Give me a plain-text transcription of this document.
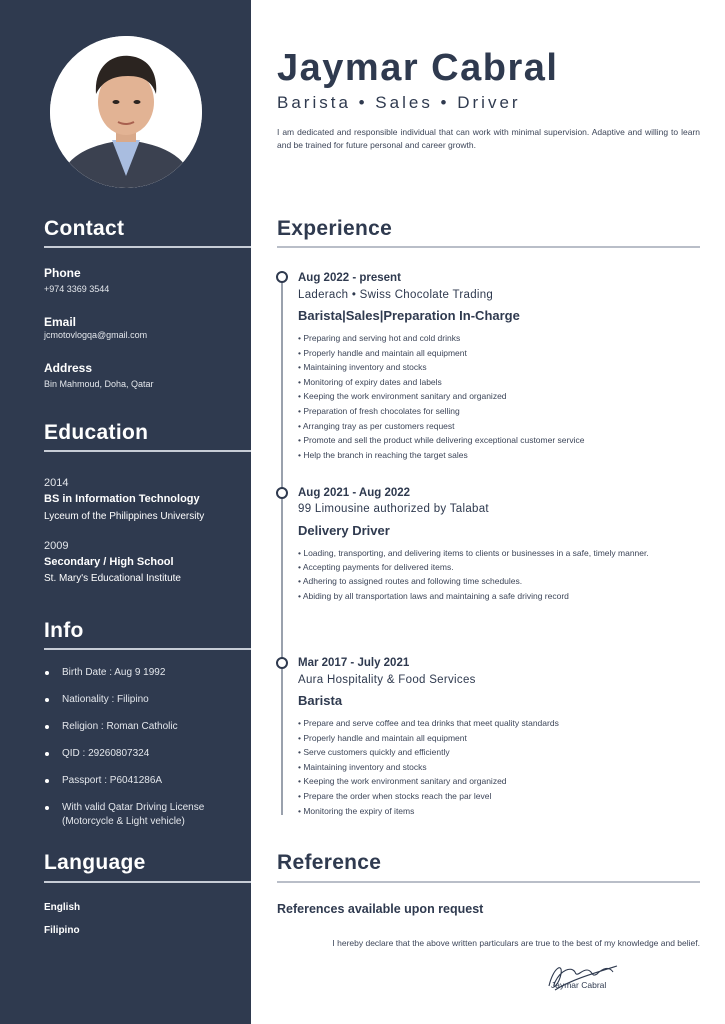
Contact
Phone
+974 3369 3544
Email
jcmotovlogqa@gmail.com
Address
Bin Mahmoud, Doha, Qatar
Education
2014
BS in Information Technology
Lyceum of the Philippines University
2009
Secondary / High School
St. Mary's Educational Institute
Info
Birth Date : Aug 9 1992
Nationality : Filipino
Religion : Roman Catholic
QID : 29260807324
Passport : P6041286A
With valid Qatar Driving License (Motorcycle & Light vehicle)
Language
English
Filipino
Jaymar Cabral
Barista • Sales • Driver

I am dedicated and responsible individual that can work with minimal supervision. Adaptive and willing to learn and be trained for future personal and career growth.

Experience
Aug 2022 - present
Laderach • Swiss Chocolate Trading
Barista|Sales|Preparation In-Charge
• Preparing and serving hot and cold drinks
• Properly handle and maintain all equipment
• Maintaining inventory and stocks
• Monitoring of expiry dates and labels
• Keeping the work environment sanitary and organized
• Preparation of fresh chocolates for selling
• Arranging tray as per customers request
• Promote and sell the product while delivering exceptional customer service
• Help the branch in reaching the target sales
Aug 2021 - Aug 2022
99 Limousine authorized by Talabat
Delivery Driver
• Loading, transporting, and delivering items to clients or businesses in a safe, timely manner.
• Accepting payments for delivered items.
• Adhering to assigned routes and following time schedules.
• Abiding by all transportation laws and maintaining a safe driving record
Mar 2017 - July 2021
Aura Hospitality & Food Services
Barista
• Prepare and serve coffee and tea drinks that meet quality standards
• Properly handle and maintain all equipment
• Serve customers quickly and efficiently
• Maintaining inventory and stocks
• Keeping the work environment sanitary and organized
• Prepare the order when stocks reach the par level
• Monitoring the expiry of items
Reference
References available upon request
I hereby declare that the above written particulars are true to the best of my knowledge and belief.
Jaymar Cabral
